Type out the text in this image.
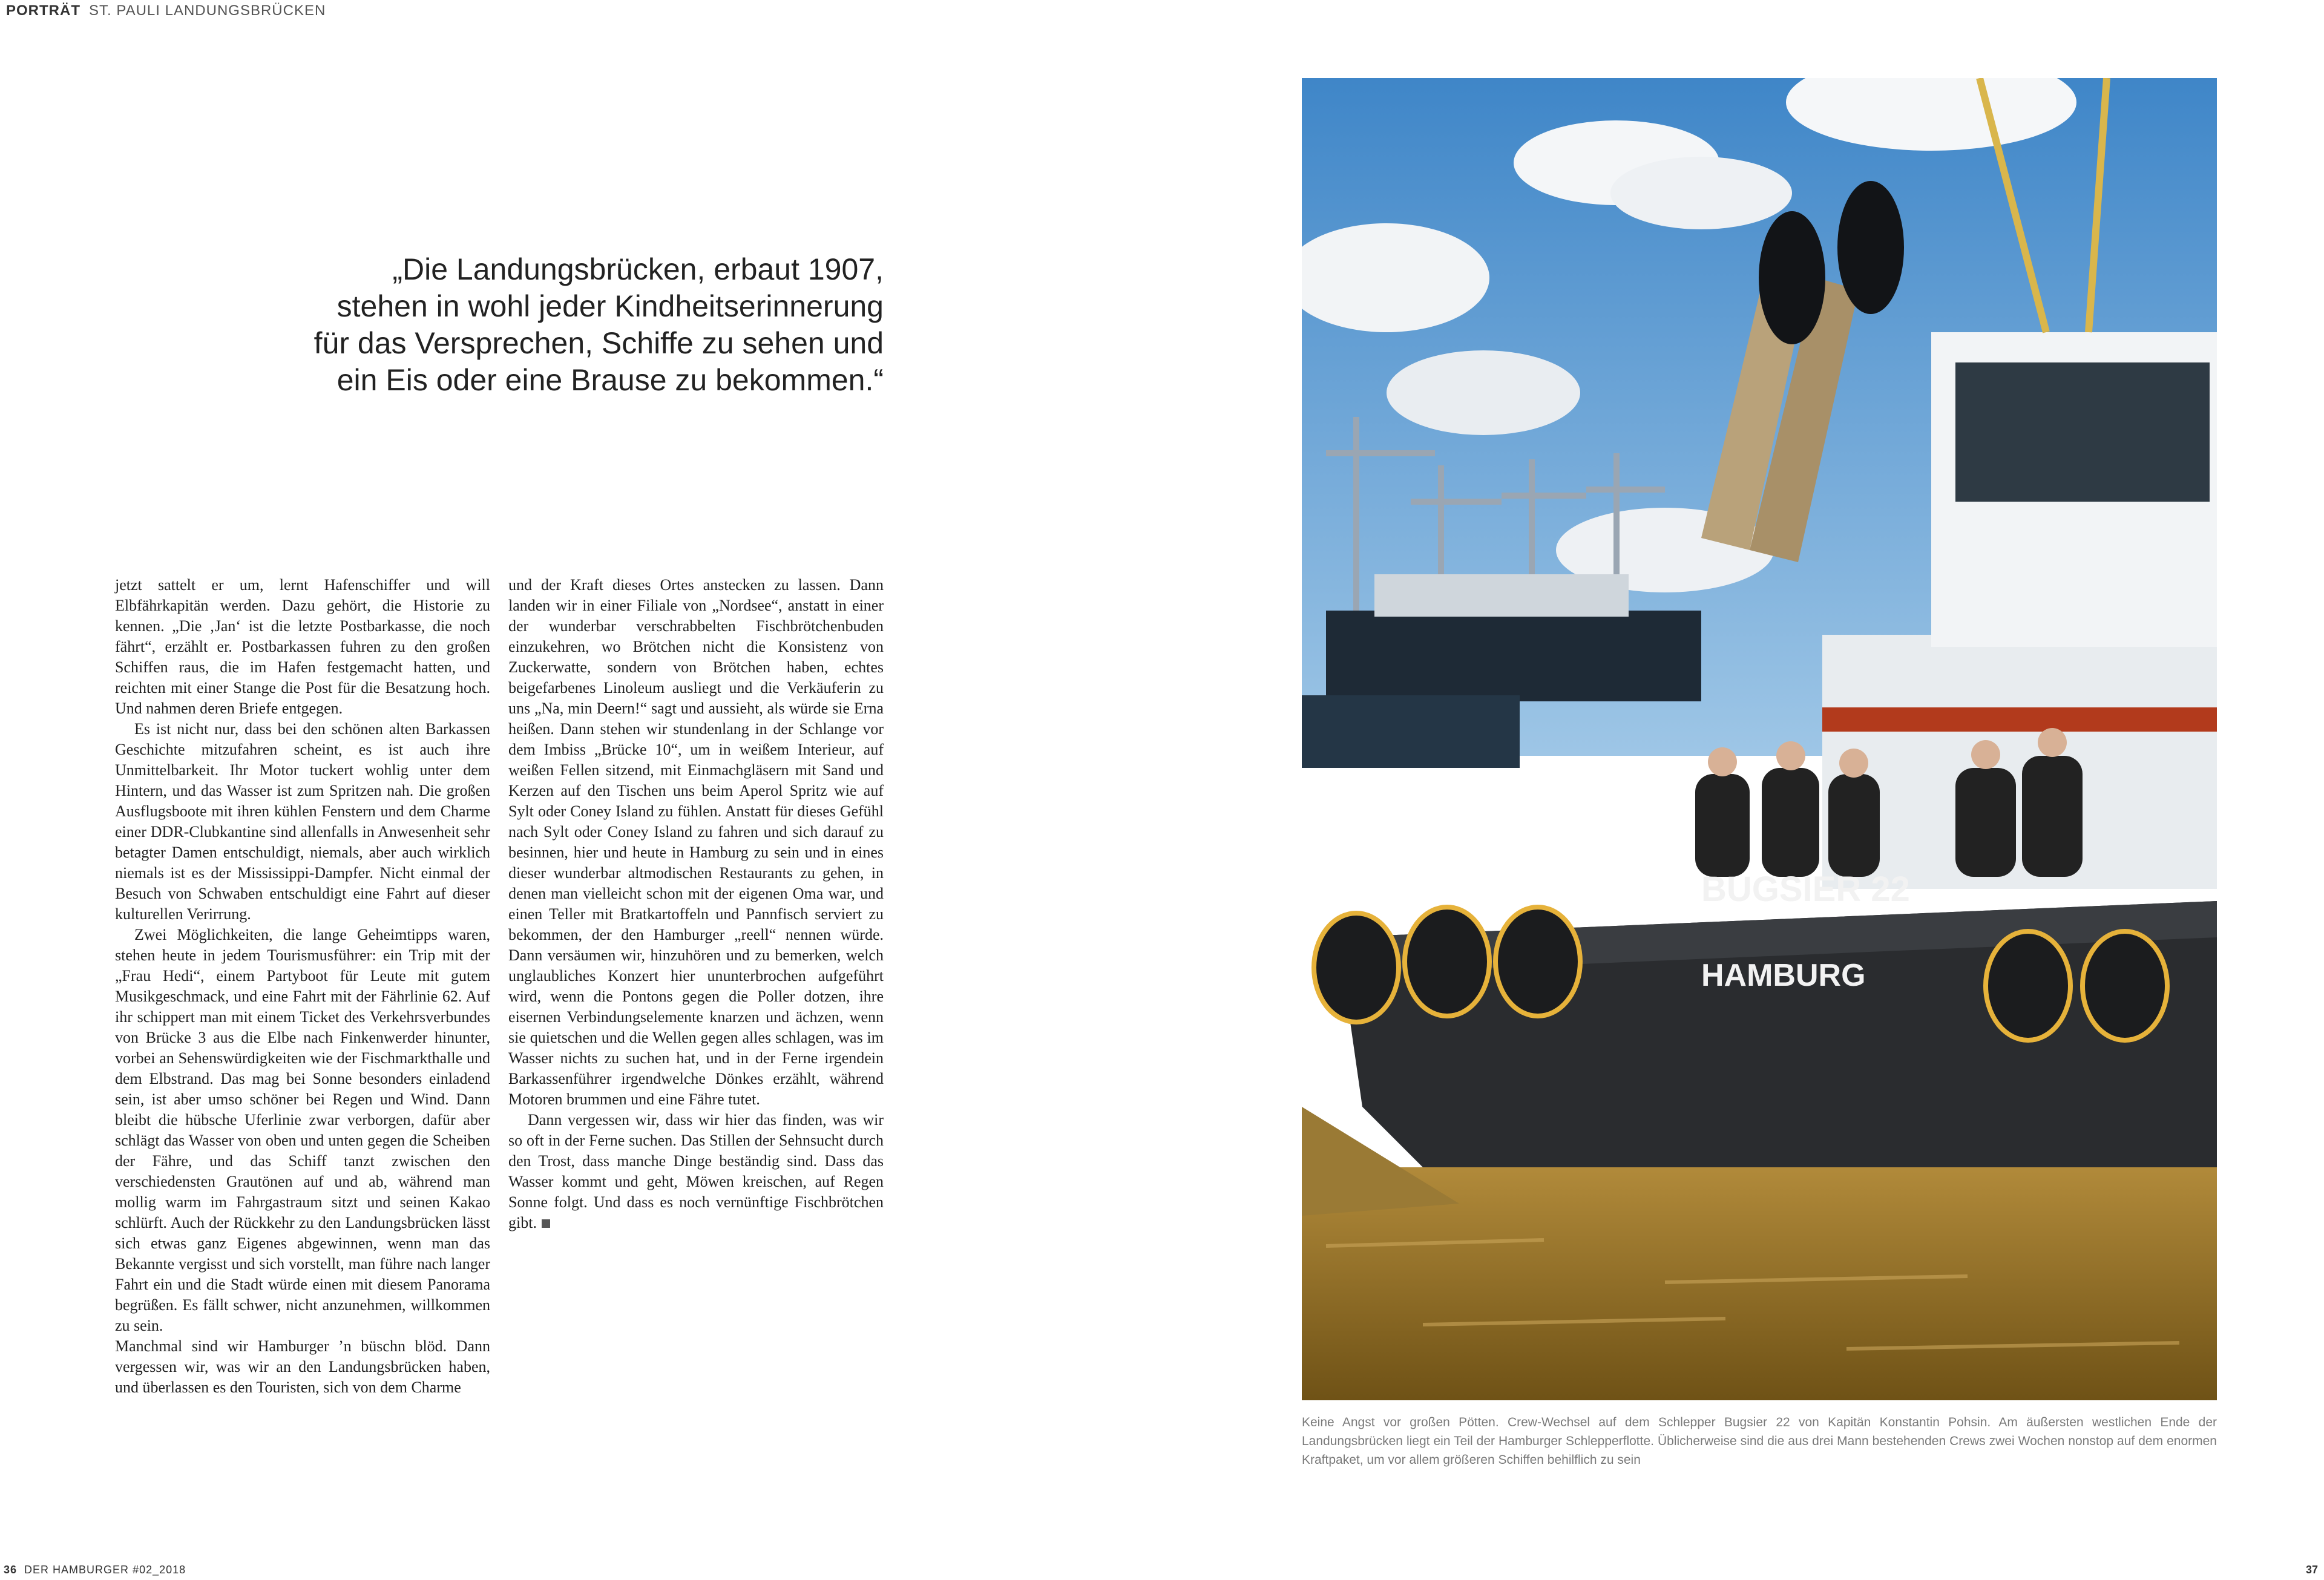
PORTRÄT ST. PAULI LANDUNGSBRÜCKEN
„Die Landungsbrücken, erbaut 1907, stehen in wohl jeder Kindheitserinnerung für das Versprechen, Schiffe zu sehen und ein Eis oder eine Brause zu bekommen.“

jetzt sattelt er um, lernt Hafenschiffer und will Elbfährkapitän werden. Dazu gehört, die Historie zu kennen. „Die ‚Jan‘ ist die letzte Postbarkasse, die noch fährt“, erzählt er. Postbarkassen fuhren zu den großen Schiffen raus, die im Hafen festgemacht hatten, und reichten mit einer Stange die Post für die Besatzung hoch. Und nahmen deren Briefe entgegen.

Es ist nicht nur, dass bei den schönen alten Barkassen Geschichte mitzufahren scheint, es ist auch ihre Unmittelbarkeit. Ihr Motor tuckert wohlig unter dem Hintern, und das Wasser ist zum Spritzen nah. Die großen Ausflugsboote mit ihren kühlen Fenstern und dem Charme einer DDR-Clubkantine sind allenfalls in Anwesenheit sehr betagter Damen entschuldigt, niemals, aber auch wirklich niemals ist es der Mississippi-Dampfer. Nicht einmal der Besuch von Schwaben entschuldigt eine Fahrt auf dieser kulturellen Verirrung.

Zwei Möglichkeiten, die lange Geheimtipps waren, stehen heute in jedem Tourismusführer: ein Trip mit der „Frau Hedi“, einem Partyboot für Leute mit gutem Musikgeschmack, und eine Fahrt mit der Fährlinie 62. Auf ihr schippert man mit einem Ticket des Verkehrsverbundes von Brücke 3 aus die Elbe nach Finkenwerder hinunter, vorbei an Sehenswürdigkeiten wie der Fischmarkthalle und dem Elbstrand. Das mag bei Sonne besonders einladend sein, ist aber umso schöner bei Regen und Wind. Dann bleibt die hübsche Uferlinie zwar verborgen, dafür aber schlägt das Wasser von oben und unten gegen die Scheiben der Fähre, und das Schiff tanzt zwischen den verschiedensten Grautönen auf und ab, während man mollig warm im Fahrgastraum sitzt und seinen Kakao schlürft. Auch der Rückkehr zu den Landungsbrücken lässt sich etwas ganz Eigenes abgewinnen, wenn man das Bekannte vergisst und sich vorstellt, man führe nach langer Fahrt ein und die Stadt würde einen mit diesem Panorama begrüßen. Es fällt schwer, nicht anzunehmen, willkommen zu sein.

Manchmal sind wir Hamburger ’n büschn blöd. Dann vergessen wir, was wir an den Landungsbrücken haben, und überlassen es den Touristen, sich von dem Charme

und der Kraft dieses Ortes anstecken zu lassen. Dann landen wir in einer Filiale von „Nordsee“, anstatt in einer der wunderbar verschrabbelten Fischbrötchenbuden einzukehren, wo Brötchen nicht die Konsistenz von Zuckerwatte, sondern von Brötchen haben, echtes beigefarbenes Linoleum ausliegt und die Verkäuferin zu uns „Na, min Deern!“ sagt und aussieht, als würde sie Erna heißen. Dann stehen wir stundenlang in der Schlange vor dem Imbiss „Brücke 10“, um in weißem Interieur, auf weißen Fellen sitzend, mit Einmachgläsern mit Sand und Kerzen auf den Tischen uns beim Aperol Spritz wie auf Sylt oder Coney Island zu fühlen. Anstatt für dieses Gefühl nach Sylt oder Coney Island zu fahren und sich darauf zu besinnen, hier und heute in Hamburg zu sein und in eines dieser wunderbar altmodischen Restaurants zu gehen, in denen man vielleicht schon mit der eigenen Oma war, und einen Teller mit Bratkartoffeln und Pannfisch serviert zu bekommen, der den Hamburger „reell“ nennen würde. Dann versäumen wir, hinzuhören und zu bemerken, welch unglaubliches Konzert hier ununterbrochen aufgeführt wird, wenn die Pontons gegen die Poller dotzen, ihre eisernen Verbindungselemente knarzen und ächzen, wenn sie quietschen und die Wellen gegen alles schlagen, was im Wasser nichts zu suchen hat, und in der Ferne irgendein Barkassenführer irgendwelche Dönkes erzählt, während Motoren brummen und eine Fähre tutet.

Dann vergessen wir, dass wir hier das finden, was wir so oft in der Ferne suchen. Das Stillen der Sehnsucht durch den Trost, dass manche Dinge beständig sind. Dass das Wasser kommt und geht, Möwen kreischen, auf Regen Sonne folgt. Und dass es noch vernünftige Fischbrötchen gibt.

BUGSIER 22
HAMBURG
Keine Angst vor großen Pötten. Crew-Wechsel auf dem Schlepper Bugsier 22 von Kapitän Konstantin Pohsin. Am äußersten westlichen Ende der Landungsbrücken liegt ein Teil der Hamburger Schlepperflotte. Üblicherweise sind die aus drei Mann bestehenden Crews zwei Wochen nonstop auf dem enormen Kraftpaket, um vor allem größeren Schiffen behilflich zu sein
36 DER HAMBURGER #02_2018	37
